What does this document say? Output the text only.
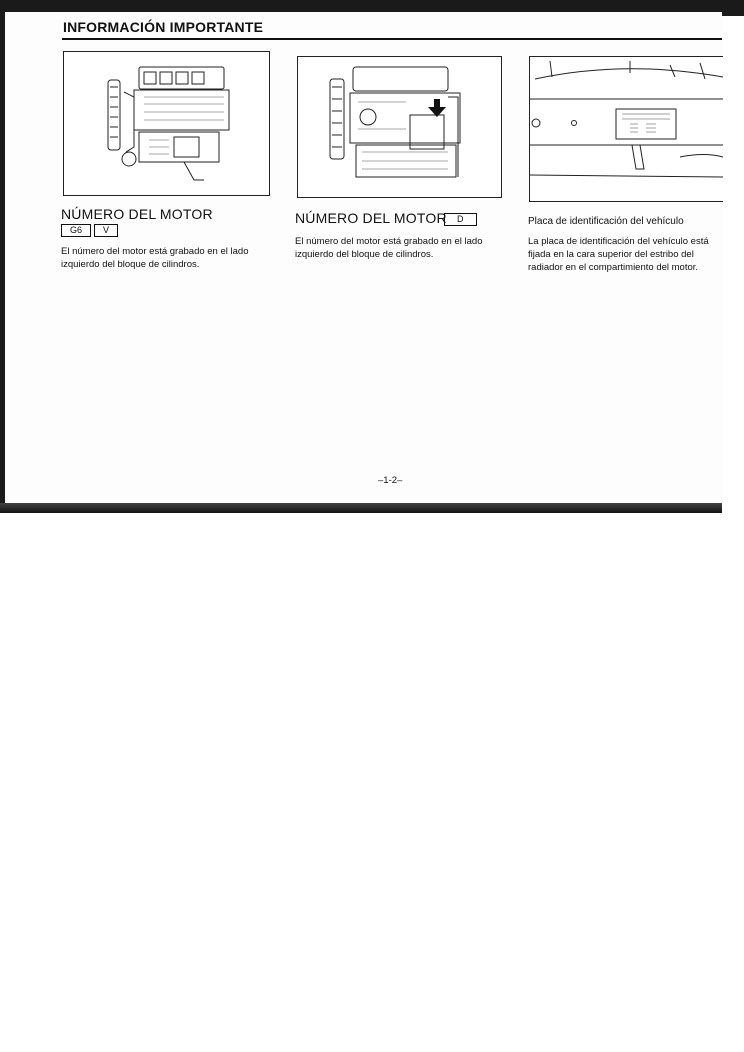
INFORMACIÓN IMPORTANTE
NÚMERO DEL MOTOR
G6 V
El número del motor está grabado en el lado izquierdo del bloque de cilindros.
NÚMERO DEL MOTOR	D
El número del motor está grabado en el lado izquierdo del bloque de cilindros.
Placa de identificación del vehículo
La placa de identificación del vehículo está fijada en la cara superior del estribo del radiador en el compartimiento del motor.
–1-2–
